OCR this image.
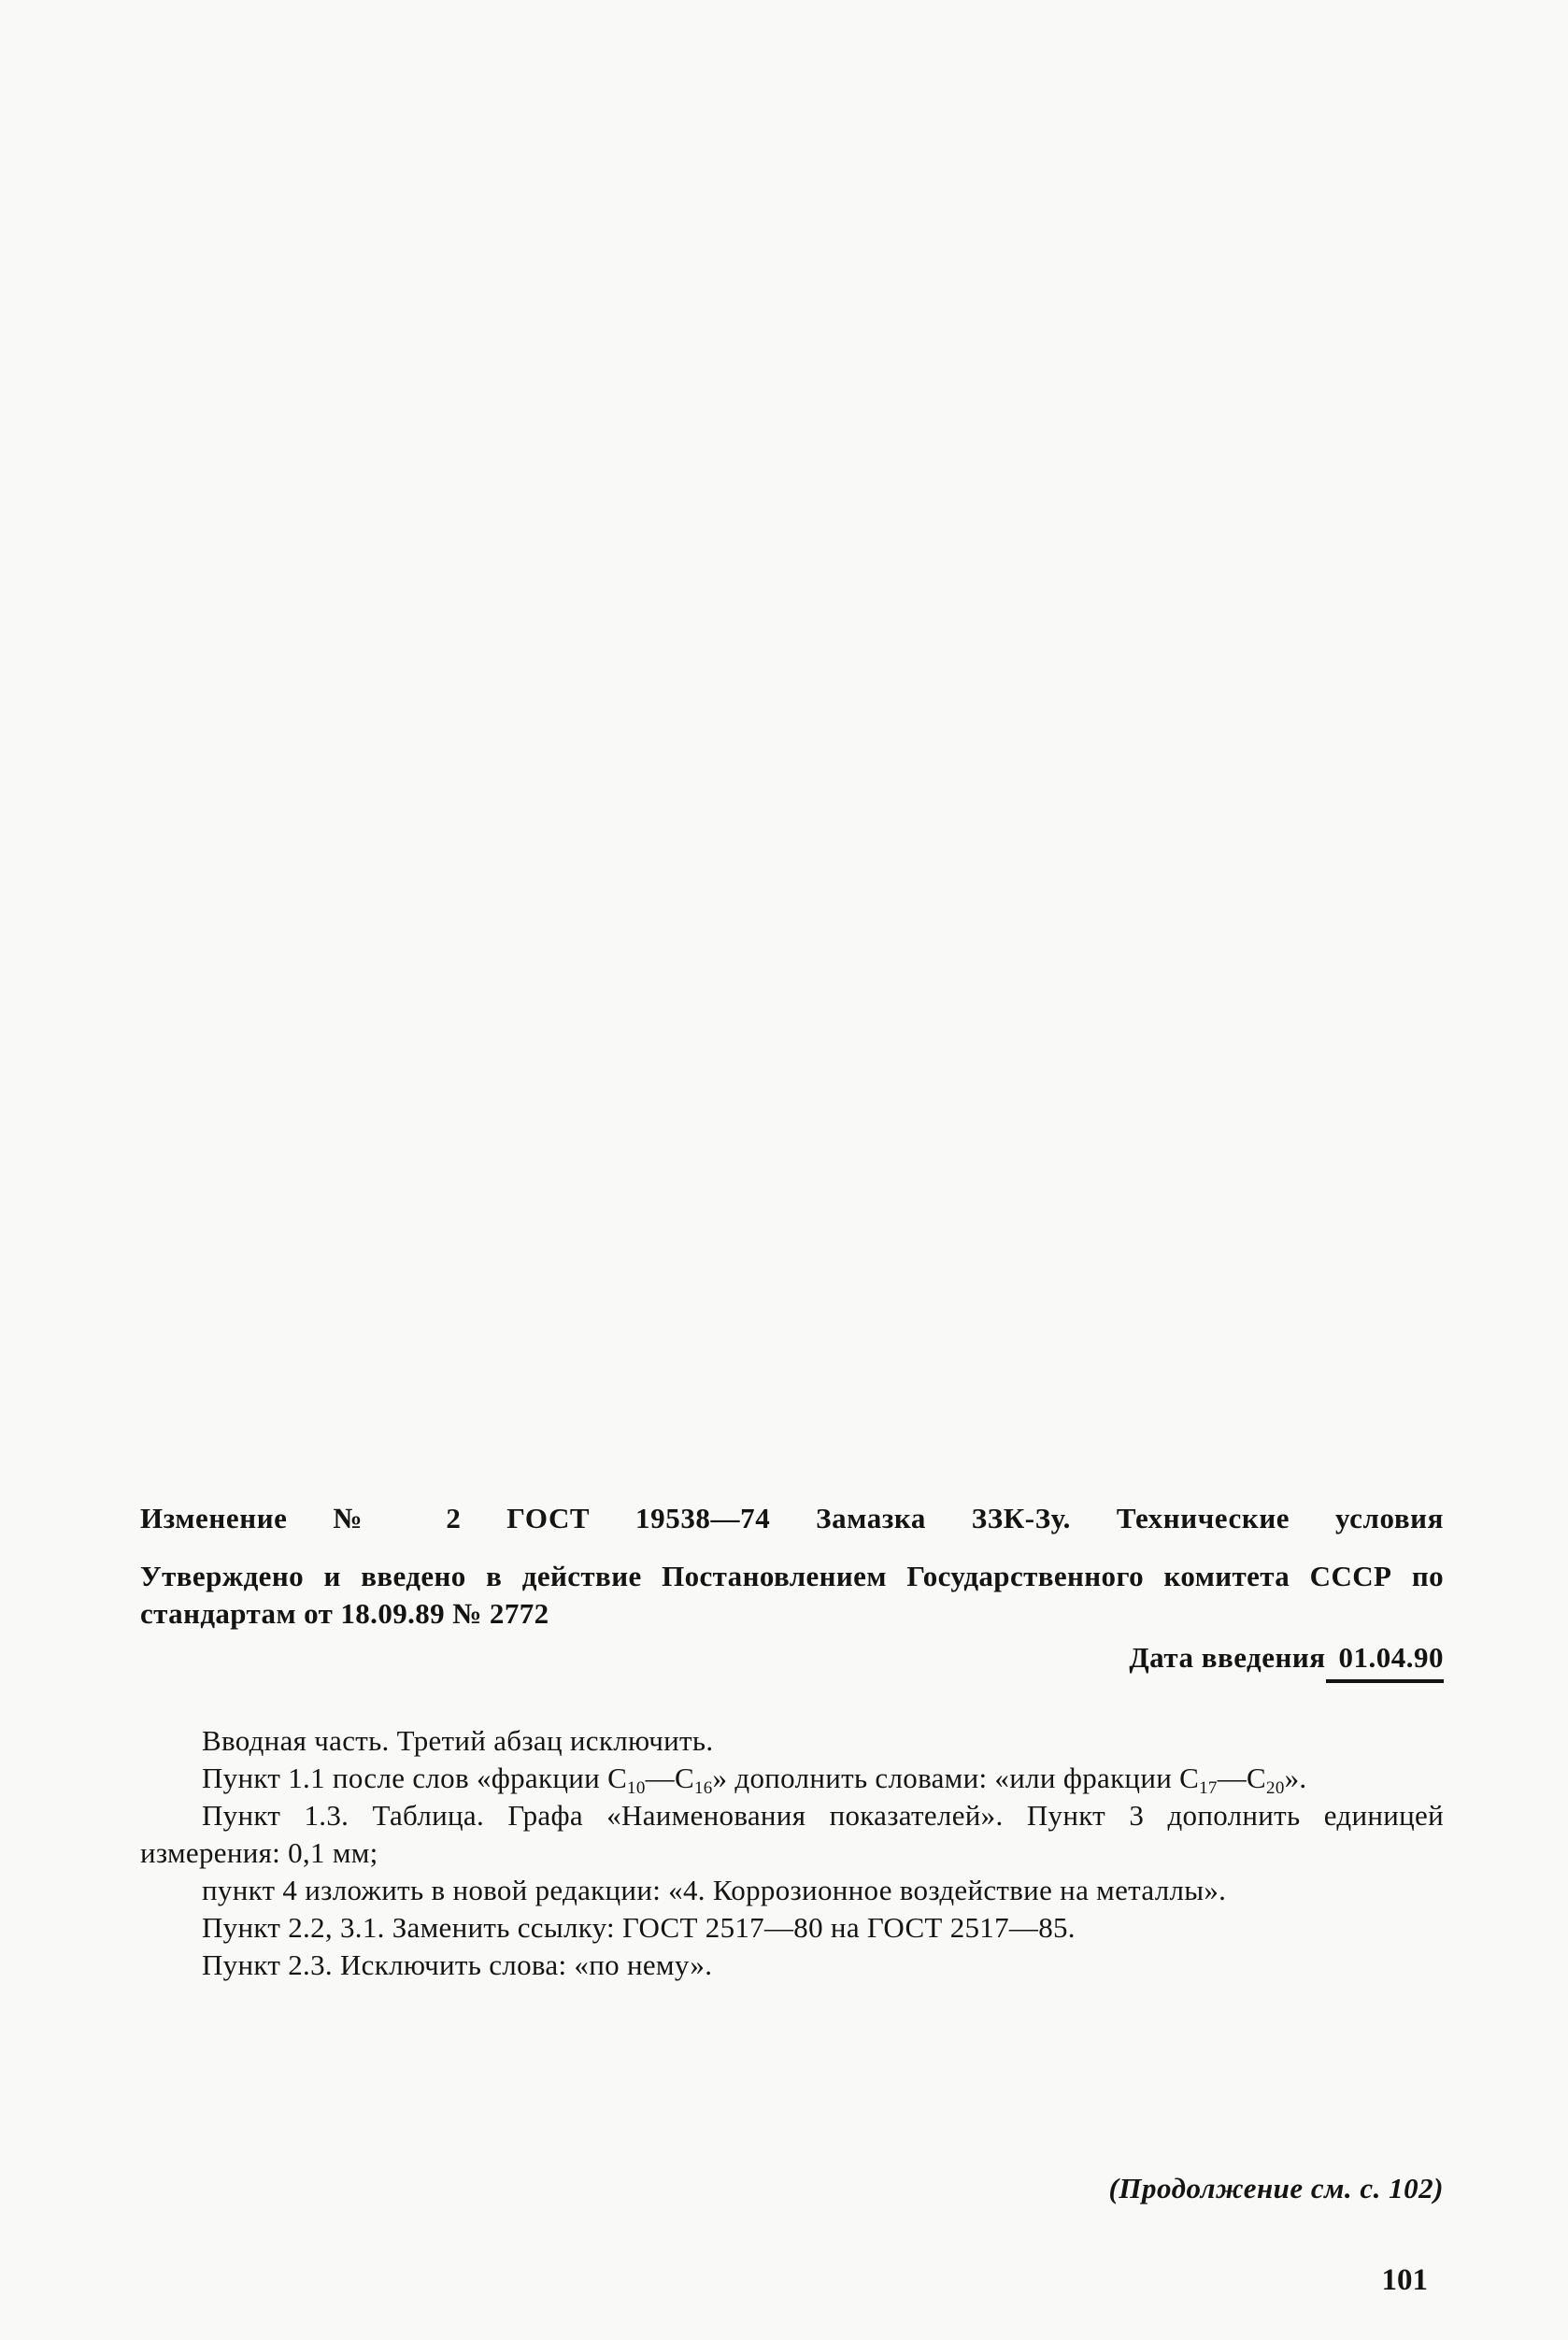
Изменение № 2 ГОСТ 19538—74 Замазка ЗЗК-Зу. Технические условия

Утверждено и введено в действие Постановлением Государственного комитета СССР по стандартам от 18.09.89 № 2772

Дата введения 01.04.90

Вводная часть. Третий абзац исключить.

Пункт 1.1 после слов «фракции $С_{10}—С_{16}$» дополнить словами: «или фракции $С_{17}—С_{20}$».

Пункт 1.3. Таблица. Графа «Наименования показателей». Пункт 3 дополнить единицей измерения: 0,1 мм;

пункт 4 изложить в новой редакции: «4. Коррозионное воздействие на металлы».

Пункт 2.2, 3.1. Заменить ссылку: ГОСТ 2517—80 на ГОСТ 2517—85.

Пункт 2.3. Исключить слова: «по нему».

(Продолжение см. с. 102)
101
